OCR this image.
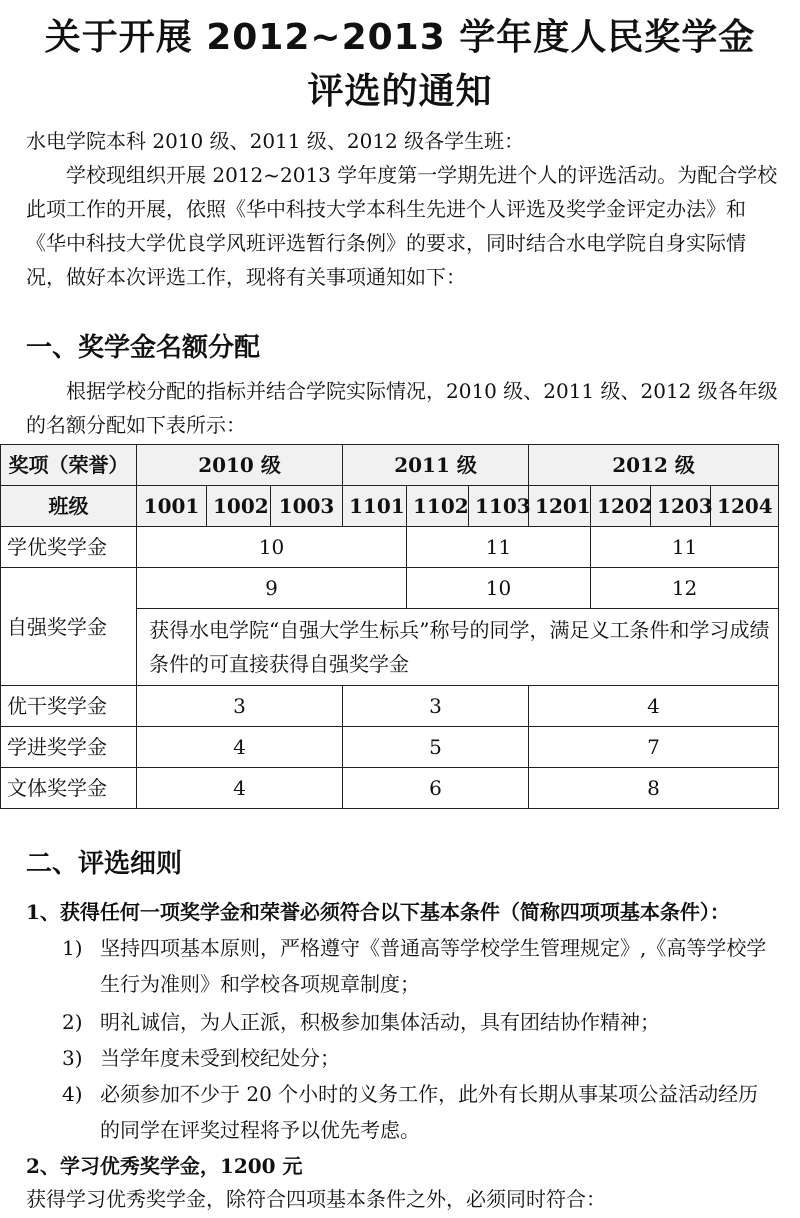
关于开展 2012~2013 学年度人民奖学金
评选的通知
水电学院本科 2010 级、2011 级、2012 级各学生班：
学校现组织开展 2012~2013 学年度第一学期先进个人的评选活动。为配合学校此项工作的开展，依照《华中科技大学本科生先进个人评选及奖学金评定办法》和《华中科技大学优良学风班评选暂行条例》的要求，同时结合水电学院自身实际情况，做好本次评选工作，现将有关事项通知如下：
一、奖学金名额分配
根据学校分配的指标并结合学院实际情况，2010 级、2011 级、2012 级各年级的名额分配如下表所示：
奖项（荣誉）	2010 级			2011 级			2012 级			
班级	1001	1002	1003	1101	1102	1103	1201	1202	1203	1204
学优奖学金	10				11			11		
自强奖学金	9				10			12		
	获得水电学院“自强大学生标兵”称号的同学，满足义工条件和学习成绩条件的可直接获得自强奖学金									
优干奖学金	3			3			4			
学进奖学金	4			5			7			
文体奖学金	4			6			8			
二、评选细则
1、获得任何一项奖学金和荣誉必须符合以下基本条件（简称四项项基本条件）：
1) 坚持四项基本原则，严格遵守《普通高等学校学生管理规定》,《高等学校学生行为准则》和学校各项规章制度；
2) 明礼诚信，为人正派，积极参加集体活动，具有团结协作精神；
3) 当学年度未受到校纪处分；
4) 必须参加不少于 20 个小时的义务工作，此外有长期从事某项公益活动经历的同学在评奖过程将予以优先考虑。
2、学习优秀奖学金，1200 元
获得学习优秀奖学金，除符合四项基本条件之外，必须同时符合：
